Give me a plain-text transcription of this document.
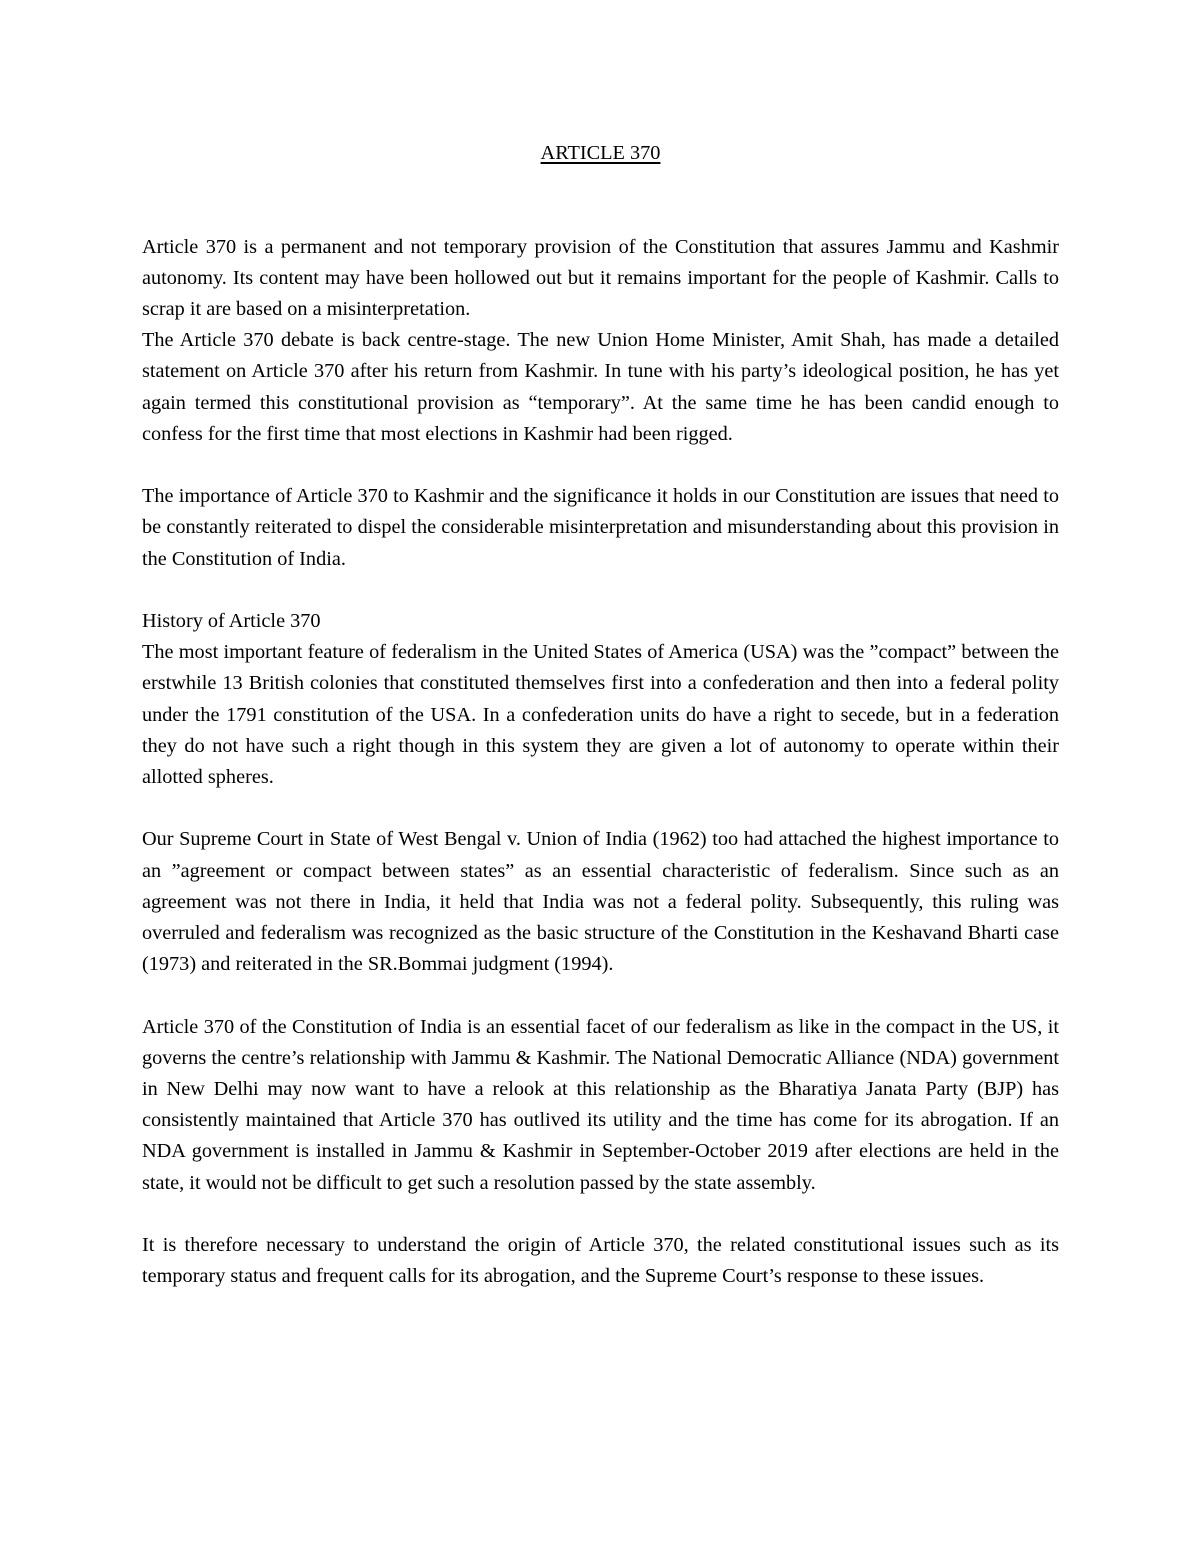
ARTICLE 370

Article 370 is a permanent and not temporary provision of the Constitution that assures Jammu and Kashmir autonomy. Its content may have been hollowed out but it remains important for the people of Kashmir. Calls to scrap it are based on a misinterpretation.

The Article 370 debate is back centre-stage. The new Union Home Minister, Amit Shah, has made a detailed statement on Article 370 after his return from Kashmir. In tune with his party’s ideological position, he has yet again termed this constitutional provision as “temporary”. At the same time he has been candid enough to confess for the first time that most elections in Kashmir had been rigged.

The importance of Article 370 to Kashmir and the significance it holds in our Constitution are issues that need to be constantly reiterated to dispel the considerable misinterpretation and misunderstanding about this provision in the Constitution of India.

History of Article 370

The most important feature of federalism in the United States of America (USA) was the ”compact” between the erstwhile 13 British colonies that constituted themselves first into a confederation and then into a federal polity under the 1791 constitution of the USA. In a confederation units do have a right to secede, but in a federation they do not have such a right though in this system they are given a lot of autonomy to operate within their allotted spheres.

Our Supreme Court in State of West Bengal v. Union of India (1962) too had attached the highest importance to an ”agreement or compact between states” as an essential characteristic of federalism. Since such as an agreement was not there in India, it held that India was not a federal polity. Subsequently, this ruling was overruled and federalism was recognized as the basic structure of the Constitution in the Keshavand Bharti case (1973) and reiterated in the SR.Bommai judgment (1994).

Article 370 of the Constitution of India is an essential facet of our federalism as like in the compact in the US, it governs the centre’s relationship with Jammu & Kashmir. The National Democratic Alliance (NDA) government in New Delhi may now want to have a relook at this relationship as the Bharatiya Janata Party (BJP) has consistently maintained that Article 370 has outlived its utility and the time has come for its abrogation. If an NDA government is installed in Jammu & Kashmir in September-October 2019 after elections are held in the state, it would not be difficult to get such a resolution passed by the state assembly.

It is therefore necessary to understand the origin of Article 370, the related constitutional issues such as its temporary status and frequent calls for its abrogation, and the Supreme Court’s response to these issues.
